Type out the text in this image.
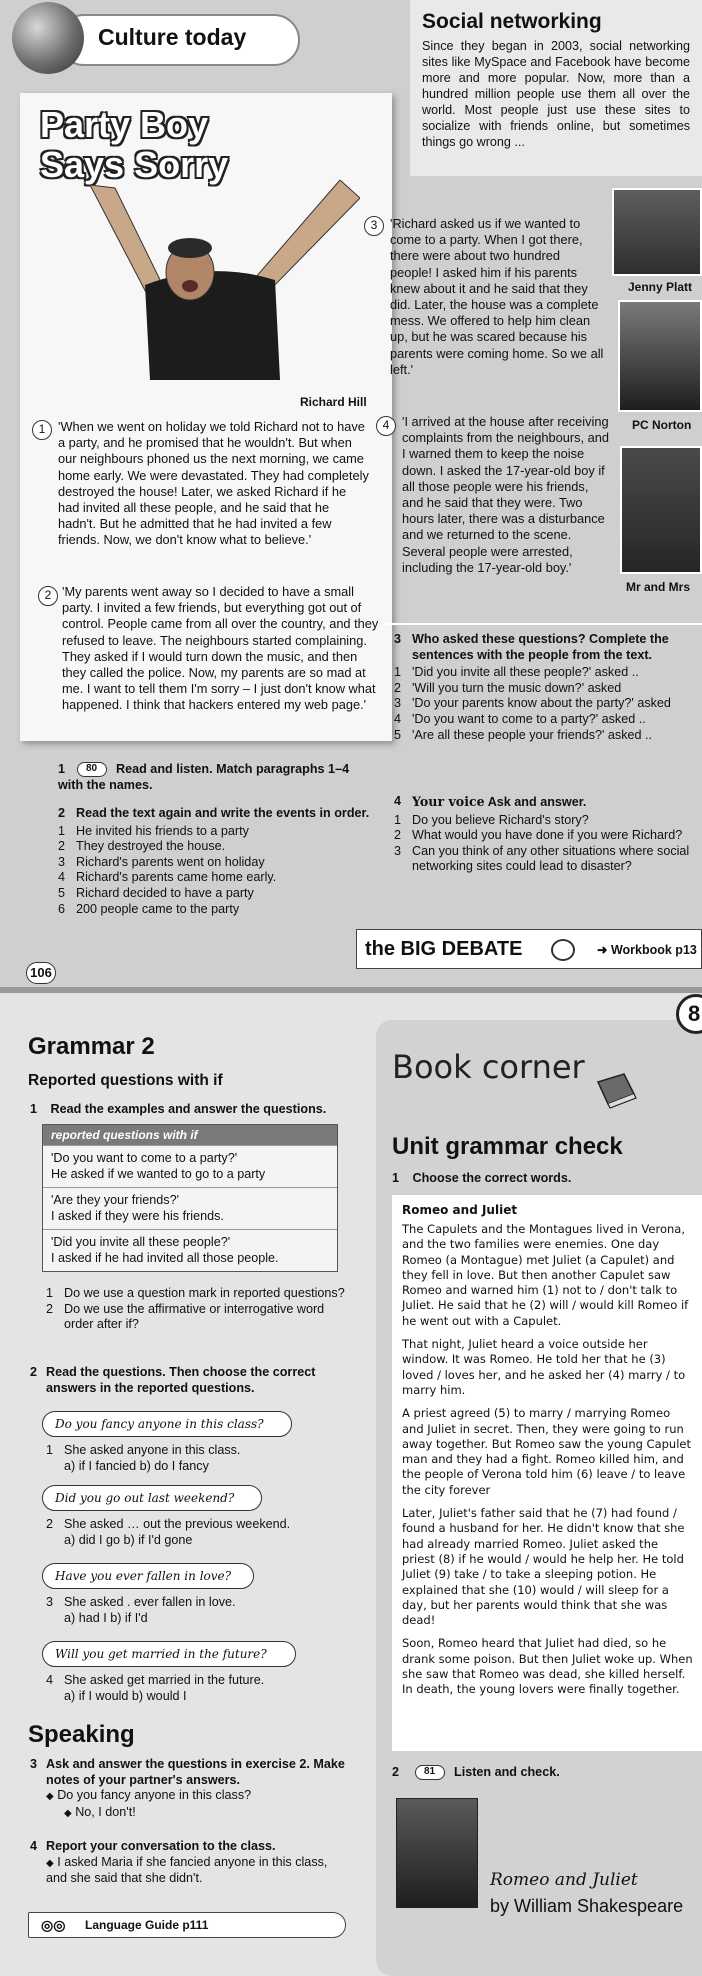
Culture today
Social networking
Since they began in 2003, social networking sites like MySpace and Facebook have become more and more popular. Now, more than a hundred million people use them all over the world. Most people just use these sites to socialize with friends online, but sometimes things go wrong ...
Party Boy
Says Sorry
Richard Hill
1 'When we went on holiday we told Richard not to have a party, and he promised that he wouldn't. But when our neighbours phoned us the next morning, we came home early. We were devastated. They had completely destroyed the house! Later, we asked Richard if he had invited all these people, and he said that he hadn't. But he admitted that he had invited a few friends. Now, we don't know what to believe.'
2 'My parents went away so I decided to have a small party. I invited a few friends, but everything got out of control. People came from all over the country, and they refused to leave. The neighbours started complaining. They asked if I would turn down the music, and then they called the police. Now, my parents are so mad at me. I want to tell them I'm sorry – I just don't know what happened. I think that hackers entered my web page.'
3 'Richard asked us if we wanted to come to a party. When I got there, there were about two hundred people! I asked him if his parents knew about it and he said that they did. Later, the house was a complete mess. We offered to help him clean up, but he was scared because his parents were coming home. So we all left.'
4 'I arrived at the house after receiving complaints from the neighbours, and I warned them to keep the noise down. I asked the 17-year-old boy if all those people were his friends, and he said that they were. Two hours later, there was a disturbance and we returned to the scene. Several people were arrested, including the 17-year-old boy.'
Jenny Platt
PC Norton
Mr and Mrs
1 80 Read and listen. Match paragraphs 1–4 with the names.
2 Read the text again and write the events in order.
1 He invited his friends to a party
2 They destroyed the house.
3 Richard's parents went on holiday
4 Richard's parents came home early.
5 Richard decided to have a party
6 200 people came to the party
3 Who asked these questions? Complete the sentences with the people from the text.
1 'Did you invite all these people?' asked ..
2 'Will you turn the music down?' asked
3 'Do your parents know about the party?' asked
4 'Do you want to come to a party?' asked ..
5 'Are all these people your friends?' asked ..
4 Your voice Ask and answer.
1 Do you believe Richard's story?
2 What would you have done if you were Richard?
3 Can you think of any other situations where social networking sites could lead to disaster?
the BIG DEBATE	➜ Workbook p13
106
8
Grammar 2
Reported questions with if
1 Read the examples and answer the questions.
reported questions with if
'Do you want to come to a party?'
He asked if we wanted to go to a party
'Are they your friends?'
I asked if they were his friends.
'Did you invite all these people?'
I asked if he had invited all those people.
1 Do we use a question mark in reported questions?
2 Do we use the affirmative or interrogative word order after if?
2 Read the questions. Then choose the correct answers in the reported questions.
Do you fancy anyone in this class?
1 She asked anyone in this class.
a) if I fancied b) do I fancy
Did you go out last weekend?
2 She asked … out the previous weekend.
a) did I go b) if I'd gone
Have you ever fallen in love?
3 She asked . ever fallen in love.
a) had I b) if I'd
Will you get married in the future?
4 She asked get married in the future.
a) if I would b) would I
Speaking
3 Ask and answer the questions in exercise 2. Make notes of your partner's answers.
◆ Do you fancy anyone in this class?
◆ No, I don't!
4 Report your conversation to the class.
◆ I asked Maria if she fancied anyone in this class, and she said that she didn't.
◎◎ Language Guide p111
Book corner
Unit grammar check
1 Choose the correct words.
Romeo and Juliet
The Capulets and the Montagues lived in Verona, and the two families were enemies. One day Romeo (a Montague) met Juliet (a Capulet) and they fell in love. But then another Capulet saw Romeo and warned him (1) not to / don't talk to Juliet. He said that he (2) will / would kill Romeo if he went out with a Capulet.
That night, Juliet heard a voice outside her window. It was Romeo. He told her that he (3) loved / loves her, and he asked her (4) marry / to marry him.
A priest agreed (5) to marry / marrying Romeo and Juliet in secret. Then, they were going to run away together. But Romeo saw the young Capulet man and they had a fight. Romeo killed him, and the people of Verona told him (6) leave / to leave the city forever
Later, Juliet's father said that he (7) had found / found a husband for her. He didn't know that she had already married Romeo. Juliet asked the priest (8) if he would / would he help her. He told Juliet (9) take / to take a sleeping potion. He explained that she (10) would / will sleep for a day, but her parents would think that she was dead!
Soon, Romeo heard that Juliet had died, so he drank some poison. But then Juliet woke up. When she saw that Romeo was dead, she killed herself. In death, the young lovers were finally together.
2 81 Listen and check.
Romeo and Juliet
by William Shakespeare
